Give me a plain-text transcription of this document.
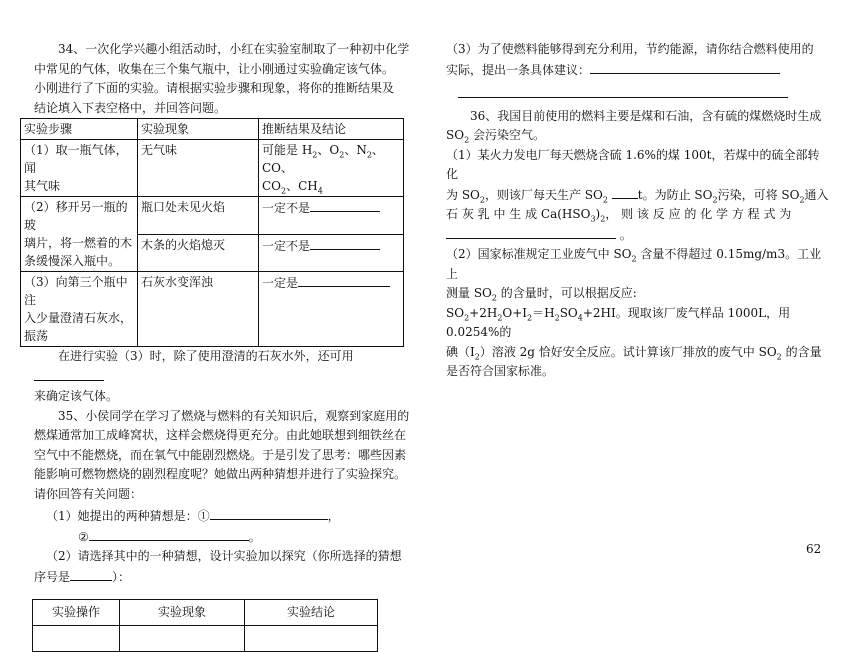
34、一次化学兴趣小组活动时，小红在实验室制取了一种初中化学

中常见的气体，收集在三个集气瓶中，让小刚通过实验确定该气体。

小刚进行了下面的实验。请根据实验步骤和现象，将你的推断结果及

结论填入下表空格中，并回答问题。

实验步骤	实验现象	推断结果及结论
（1）取一瓶气体，闻
其气味	无气味	可能是 $H_2$、$O_2$、$N_2$、CO、
$CO_2$、$CH_4$
（2）移开另一瓶的玻
璃片，将一燃着的木
条缓慢深入瓶中。	瓶口处未见火焰	一定不是
	木条的火焰熄灭	一定不是
（3）向第三个瓶中注
入少量澄清石灰水，
振荡	石灰水变浑浊	一定是

在进行实验（3）时，除了使用澄清的石灰水外，还可用

来确定该气体。

35、小侯同学在学习了燃烧与燃料的有关知识后，观察到家庭用的

燃煤通常加工成峰窝状，这样会燃烧得更充分。由此她联想到细铁丝在

空气中不能燃烧，而在氧气中能剧烈燃烧。于是引发了思考：哪些因素

能影响可燃物燃烧的剧烈程度呢？她做出两种猜想并进行了实验探究。

请你回答有关问题：

（1）她提出的两种猜想是：①	，

②	。

（2）请选择其中的一种猜想，设计实验加以探究（你所选择的猜想

序号是	）：

实验操作	实验现象	实验结论

（3）为了使燃料能够得到充分利用，节约能源，请你结合燃料使用的

实际，提出一条具体建议：

36、我国目前使用的燃料主要是煤和石油，含有硫的煤燃烧时生成

$SO_2$ 会污染空气。

（1）某火力发电厂每天燃烧含硫 1.6%的煤 100t，若煤中的硫全部转化

为 $SO_2$，则该厂每天生产 $SO_2$ t。为防止 $SO_2$污染，可将 $SO_2$通入

石 灰 乳 中 生 成 $Ca(HSO_3)_2$， 则 该 反 应 的 化 学 方 程 式 为

。

（2）国家标准规定工业废气中 $SO_2$ 含量不得超过 0.15mg/m3。工业上

测量 $SO_2$ 的含量时，可以根据反应:

$SO_2+2H_2O+I_2=H_2SO_4+2HI$。现取该厂废气样品 1000L，用 0.0254%的

碘$(I_2)$溶液 2g 恰好安全反应。试计算该厂排放的废气中 $SO_2$ 的含量

是否符合国家标准。

62
